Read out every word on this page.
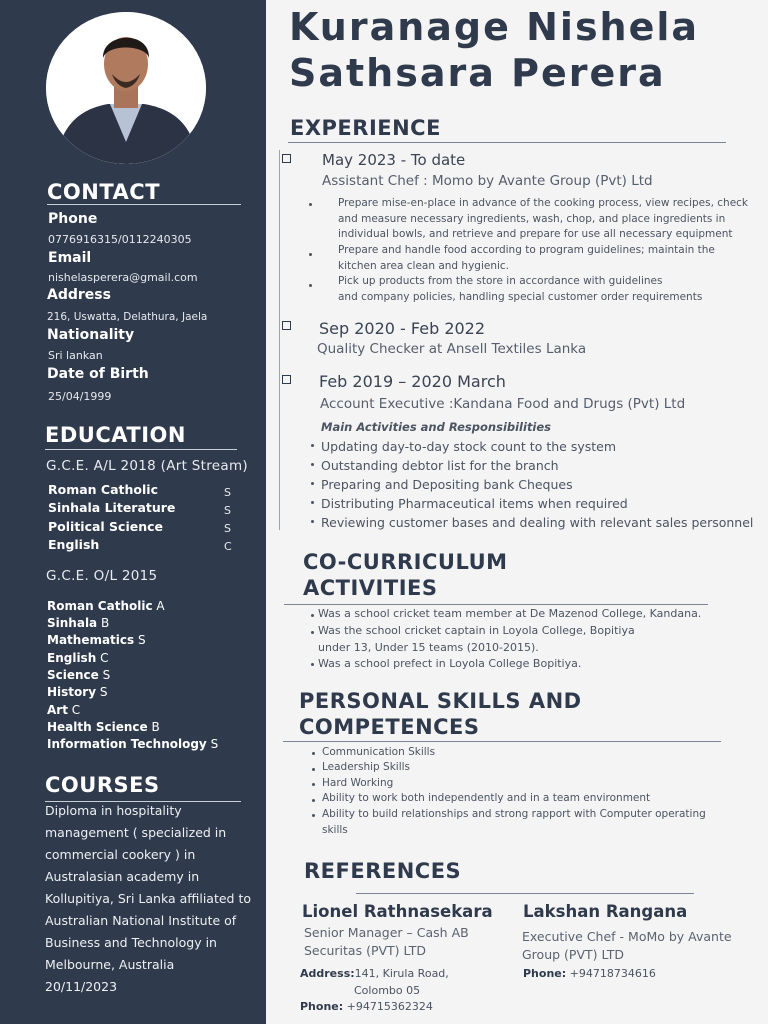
CONTACT
Phone
0776916315/0112240305
Email
nishelasperera@gmail.com
Address
216, Uswatta, Delathura, Jaela
Nationality
Sri lankan
Date of Birth
25/04/1999
EDUCATION
G.C.E. A/L 2018 (Art Stream)
Roman Catholic	S
Sinhala Literature	S
Political Science	S
English	C
G.C.E. O/L 2015
Roman Catholic A
Sinhala B
Mathematics S
English C
Science S
History S
Art C
Health Science B
Information Technology S
COURSES
Diploma in hospitality
management ( specialized in
commercial cookery ) in
Australasian academy in
Kollupitiya, Sri Lanka affiliated to
Australian National Institute of
Business and Technology in
Melbourne, Australia
20/11/2023
Kuranage Nishela
Sathsara Perera
EXPERIENCE
May 2023 - To date
Assistant Chef : Momo by Avante Group (Pvt) Ltd
Prepare mise-en-place in advance of the cooking process, view recipes, check
and measure necessary ingredients, wash, chop, and place ingredients in
individual bowls, and retrieve and prepare for use all necessary equipment
Prepare and handle food according to program guidelines; maintain the
kitchen area clean and hygienic.
Pick up products from the store in accordance with guidelines
and company policies, handling special customer order requirements
Sep 2020 - Feb 2022
Quality Checker at Ansell Textiles Lanka
Feb 2019 – 2020 March
Account Executive :Kandana Food and Drugs (Pvt) Ltd
Main Activities and Responsibilities
Updating day-to-day stock count to the system
Outstanding debtor list for the branch
Preparing and Depositing bank Cheques
Distributing Pharmaceutical items when required
Reviewing customer bases and dealing with relevant sales personnel
CO-CURRICULUM
ACTIVITIES
Was a school cricket team member at De Mazenod College, Kandana.
Was the school cricket captain in Loyola College, Bopitiya
under 13, Under 15 teams (2010-2015).
Was a school prefect in Loyola College Bopitiya.
PERSONAL SKILLS AND
COMPETENCES
Communication Skills
Leadership Skills
Hard Working
Ability to work both independently and in a team environment
Ability to build relationships and strong rapport with Computer operating
skills
REFERENCES
Lionel Rathnasekara
Senior Manager – Cash AB
Securitas (PVT) LTD
Address:141, Kirula Road,
Colombo 05
Phone: +94715362324
Lakshan Rangana
Executive Chef - MoMo by Avante
Group (PVT) LTD
Phone: +94718734616
